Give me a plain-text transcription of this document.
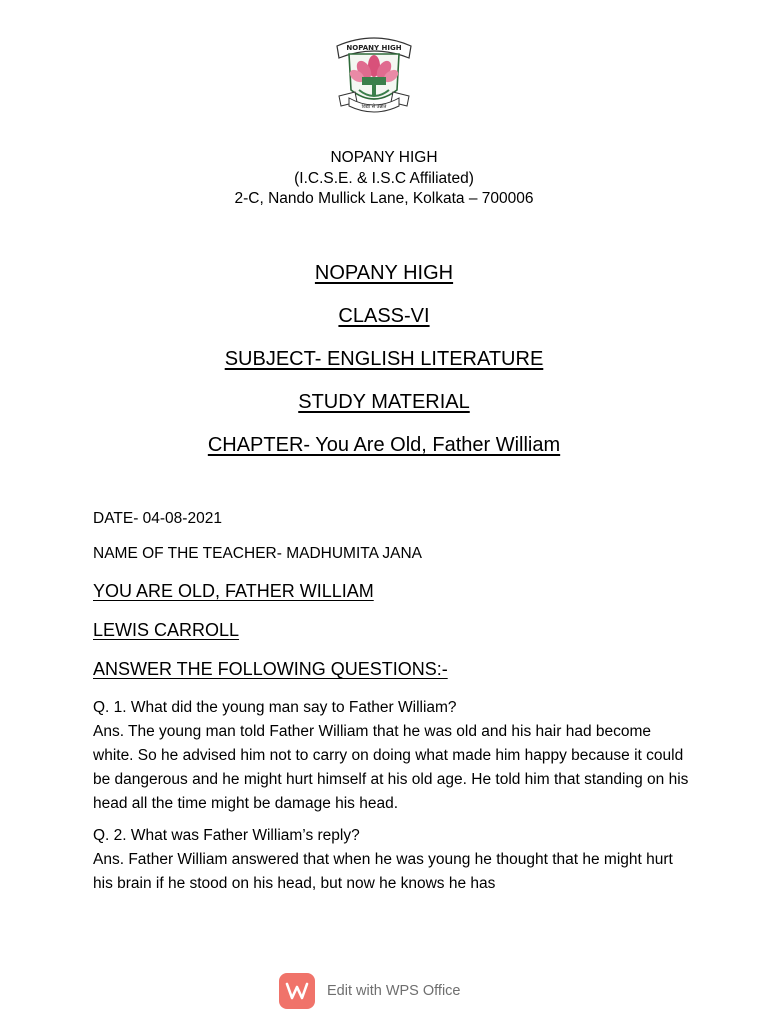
NOPANY HIGH
विद्या से उन्नति
NOPANY HIGH
(I.C.S.E. & I.S.C Affiliated)
2-C, Nando Mullick Lane, Kolkata – 700006
NOPANY HIGH
CLASS-VI
SUBJECT- ENGLISH LITERATURE
STUDY MATERIAL
CHAPTER- You Are Old, Father William
DATE- 04-08-2021
NAME OF THE TEACHER- MADHUMITA JANA
YOU ARE OLD, FATHER WILLIAM
LEWIS CARROLL
ANSWER THE FOLLOWING QUESTIONS:-
Q. 1. What did the young man say to Father William?
Ans. The young man told Father William that he was old and his hair had become white. So he advised him not to carry on doing what made him happy because it could be dangerous and he might hurt himself at his old age. He told him that standing on his head all the time might be damage his head.
Q. 2. What was Father William’s reply?
Ans. Father William answered that when he was young he thought that he might hurt his brain if he stood on his head, but now he knows he has
Edit with WPS Office
